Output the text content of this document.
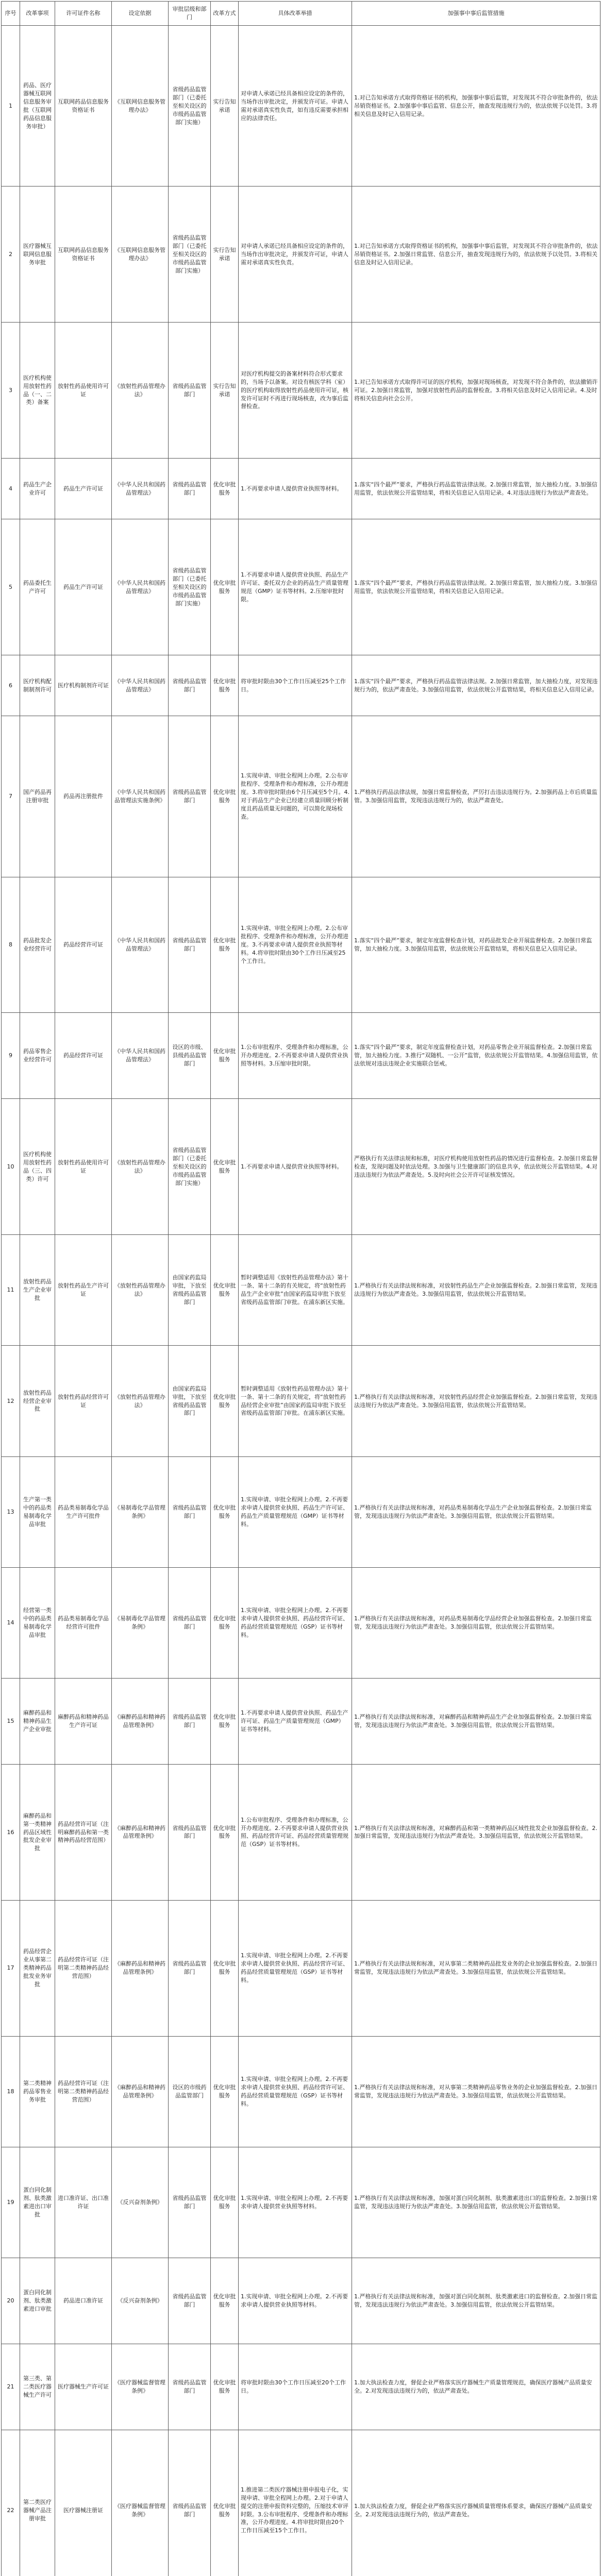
序号	改革事项	许可证件名称	设定依据	审批层级和部门	改革方式	具体改革举措	加强事中事后监管措施
1	药品、医疗器械互联网信息服务审批（互联网药品信息服务审批）	互联网药品信息服务资格证书	《互联网信息服务管理办法》	省级药品监管部门（已委托至相关设区的市级药品监管部门实施）	实行告知承诺	对申请人承诺已经具备相应设定的条件的，当场作出审批决定，并颁发许可证。申请人需对承诺真实性负责，如有违反需要承担相应的法律责任。	1.对已告知承诺方式取得资格证书的机构，加强事中事后监管，对发现其不符合审批条件的，依法吊销资格证书。2.加强事中事后监管、信息公开，抽查发现违规行为的，依法依规予以处罚。3.将相关信息及时记入信用记录。
2	医疗器械互联网信息服务审批	互联网药品信息服务资格证书	《互联网信息服务管理办法》	省级药品监管部门（已委托至相关设区的市级药品监管部门实施）	实行告知承诺	对申请人承诺已经具备相应设定的条件的，当场作出审批决定，并颁发许可证，申请人需对承诺真实性负责。	1.对已告知承诺方式取得资格证书的机构，加强事中事后监管，对发现其不符合审批条件的，依法吊销资格证书。2.加强日常监管、信息公开，抽查发现违规行为的，依法依规予以处罚。3.将相关信息及时记入信用记录。
3	医疗机构使用放射性药品（一、二类）备案	放射性药品使用许可证	《放射性药品管理办法》	省级药品监管部门	实行告知承诺	对医疗机构提交的备案材料符合形式要求的，当场予以备案。对设有核医学科（室）的医疗机构取得放射性药品使用许可证，核发许可证时不再进行现场核查，改为事后监督检查。	1.对已告知承诺方式取得许可证的医疗机构，加强对现场核查，对发现不符合条件的，依法撤销许可证。2.加强日常监管，加强对放射性药品的监督检查。3.将相关信息及时记入信用记录。4.及时将相关信息向社会公开。
4	药品生产企业许可	药品生产许可证	《中华人民共和国药品管理法》	省级药品监管部门	优化审批服务	1.不再要求申请人提供营业执照等材料。	1.落实“四个最严”要求，严格执行药品监管法律法规。2.加强日常监管，加大抽检力度。3.加强信用监管，依法依规公开监管结果，将相关信息记入信用记录。4.对违法违规行为依法严肃查处。
5	药品委托生产许可	药品生产许可证	《中华人民共和国药品管理法》	省级药品监管部门（已委托至相关设区的市级药品监管部门实施）	优化审批服务	1.不再要求申请人提供营业执照、药品生产许可证、委托双方企业的药品生产质量管理规范（GMP）证书等材料。2.压缩审批时限。	1.落实“四个最严”要求，严格执行药品监管法律法规。2.加强日常监管，加大抽检力度。3.加强信用监管，依法依规公开监管结果，将相关信息记入信用记录。
6	医疗机构配制制剂许可	医疗机构制剂许可证	《中华人民共和国药品管理法》	省级药品监管部门	优化审批服务	将审批时限由30个工作日压减至25个工作日。	1.落实“四个最严”要求，严格执行药品监管法律法规。2.加强日常监管，加大抽检力度，对发现违规行为的，依法严肃查处。3.加强信用监管，依法依规公开监管结果，将相关信息记入信用记录。
7	国产药品再注册审批	药品再注册批件	《中华人民共和国药品管理法实施条例》	省级药品监管部门	优化审批服务	1.实现申请、审批全程网上办理。2.公布审批程序、受理条件和办理标准，公开办理进度。3.将审批时限由6个月压减至5个月。4.对于药品生产企业已经建立质量回顾分析制度且药品质量无问题的，可以简化现场检查。	1.严格执行药品法律法规，加强日常监督检查，严厉打击违法违规行为。2.加强药品上市后质量监管。3.加强信用监管，发现违法违规行为的，依法严肃查处。
8	药品批发企业经营许可	药品经营许可证	《中华人民共和国药品管理法》	省级药品监管部门	优化审批服务	1.实现申请、审批全程网上办理。2.公布审批程序、受理条件和办理标准，公开办理进度。3.不再要求申请人提供营业执照等材料。4.将审批时限由30个工作日压减至25个工作日。	1.落实“四个最严”要求，制定年度监督检查计划，对药品批发企业开展监督检查。2.加强日常监管，加大抽检力度。3.加强信用监管，依法依规公开监管结果，将相关信息记入信用记录。
9	药品零售企业经营许可	药品经营许可证	《中华人民共和国药品管理法》	设区的市级、县级药品监管部门	优化审批服务	1.公布审批程序、受理条件和办理标准，公开办理进度。2.不再要求申请人提供营业执照等材料。3.压缩审批时限。	1.落实“四个最严”要求，制定年度监督检查计划，对药品零售企业开展监督检查。2.加强日常监管，加大抽检力度。3.推行“双随机、一公开”监管，依法依规公开监管结果。4.加强信用监管，依法依规对违法违规企业实施联合惩戒。
10	医疗机构使用放射性药品（三、四类）许可	放射性药品使用许可证	《放射性药品管理办法》	省级药品监管部门（已委托至相关设区的市级药品监管部门实施）	优化审批服务	1.不再要求申请人提供营业执照等材料。	严格执行有关法律法规和标准，对医疗机构使用放射性药品的情况进行监督检查。2.加强日常监督检查，发现问题及时依法处理。3.加强与卫生健康部门的信息共享，依法依规公开监管结果。4.对违法违规行为依法严肃查处。5.及时向社会公开许可证核发情况。
11	放射性药品生产企业审批	放射性药品生产许可证	《放射性药品管理办法》	由国家药监局审批，下放至省级药品监管部门	优化审批服务	暂时调整适用《放射性药品管理办法》第十一条、第十二条的有关规定，将“放射性药品生产企业审批”由国家药监局审批下放至省级药品监管部门审批。在浦东新区实施。	1.严格执行有关法律法规和标准，对放射性药品生产企业加强监督检查。2.加强日常监管，发现违法违规行为依法严肃查处。3.加强信用监管，依法依规公开监管结果。
12	放射性药品经营企业审批	放射性药品经营许可证	《放射性药品管理办法》	由国家药监局审批，下放至省级药品监管部门	优化审批服务	暂时调整适用《放射性药品管理办法》第十一条、第十二条的有关规定，将“放射性药品经营企业审批”由国家药监局审批下放至省级药品监管部门审批。在浦东新区实施。	1.严格执行有关法律法规和标准，对放射性药品经营企业加强监督检查。2.加强日常监管，发现违法违规行为依法严肃查处。3.加强信用监管，依法依规公开监管结果。
13	生产第一类中的药品类易制毒化学品审批	药品类易制毒化学品生产许可批件	《易制毒化学品管理条例》	省级药品监管部门	优化审批服务	1.实现申请、审批全程网上办理。2.不再要求申请人提供营业执照、药品生产许可证、药品生产质量管理规范（GMP）证书等材料。	1.严格执行有关法律法规和标准，对药品类易制毒化学品生产企业加强监督检查。2.加强日常监管，发现违法违规行为依法严肃查处。3.加强信用监管，依法依规公开监管结果。
14	经营第一类中的药品类易制毒化学品审批	药品类易制毒化学品经营许可批件	《易制毒化学品管理条例》	省级药品监管部门	优化审批服务	1.实现申请、审批全程网上办理。2.不再要求申请人提供营业执照、药品经营许可证、药品经营质量管理规范（GSP）证书等材料。	1.严格执行有关法律法规和标准，对药品类易制毒化学品经营企业加强监督检查。2.加强日常监管，发现违法违规行为依法严肃查处。3.加强信用监管，依法依规公开监管结果。
15	麻醉药品和精神药品生产企业审批	麻醉药品和精神药品生产许可证	《麻醉药品和精神药品管理条例》	省级药品监管部门	优化审批服务	1.不再要求申请人提供营业执照、药品生产许可证、药品生产质量管理规范（GMP）证书等材料。	1.严格执行有关法律法规和标准，对麻醉药品和精神药品生产企业加强监督检查。2.加强日常监管，发现违法违规行为依法严肃查处。3.加强信用监管，依法依规公开监管结果。
16	麻醉药品和第一类精神药品区域性批发企业审批	药品经营许可证（注明麻醉药品和第一类精神药品经营范围）	《麻醉药品和精神药品管理条例》	省级药品监管部门	优化审批服务	1.公布审批程序、受理条件和办理标准，公开办理进度。2.不再要求申请人提供营业执照、药品经营许可证、药品经营质量管理规范（GSP）证书等材料。	1.严格执行有关法律法规和标准，对麻醉药品和第一类精神药品区域性批发企业加强监督检查。2.加强日常监管，发现违法违规行为依法严肃查处。3.加强信用监管，依法依规公开监管结果。
17	药品经营企业从事第二类精神药品批发业务审批	药品经营许可证（注明第二类精神药品经营范围）	《麻醉药品和精神药品管理条例》	省级药品监管部门	优化审批服务	1.实现申请、审批全程网上办理。2.不再要求申请人提供营业执照、药品经营许可证、药品经营质量管理规范（GSP）证书等材料。	1.严格执行有关法律法规和标准，对从事第二类精神药品批发业务的企业加强监督检查。2.加强日常监管，发现违法违规行为依法严肃查处。3.加强信用监管，依法依规公开监管结果。
18	第二类精神药品零售业务审批	药品经营许可证（注明第二类精神药品经营范围）	《麻醉药品和精神药品管理条例》	设区的市级药品监管部门	优化审批服务	1.实现申请、审批全程网上办理。2.不再要求申请人提供营业执照、药品经营许可证、药品经营质量管理规范（GSP）证书等材料。	1.严格执行有关法律法规和标准，对从事第二类精神药品零售业务的企业加强监督检查。2.加强日常监管，发现违法违规行为依法严肃查处。3.加强信用监管，依法依规公开监管结果。
19	蛋白同化制剂、肽类激素进出口审批	进口准许证、出口准许证	《反兴奋剂条例》	省级药品监管部门	优化审批服务	1.实现申请、审批全程网上办理。2.不再要求申请人提供营业执照等材料。	1.严格执行有关法律法规和标准，加强对蛋白同化制剂、肽类激素进出口的监督检查。2.加强日常监管，发现违法违规行为依法严肃查处。3.加强信用监管，依法依规公开监管结果。
20	蛋白同化制剂、肽类激素进口审批	药品进口准许证	《反兴奋剂条例》	省级药品监管部门	优化审批服务	1.实现申请、审批全程网上办理。2.不再要求申请人提供营业执照等材料。	1.严格执行有关法律法规和标准，加强对蛋白同化制剂、肽类激素进口的监督检查。2.加强日常监管，发现违法违规行为依法严肃查处。3.加强信用监管，依法依规公开监管结果。
21	第三类、第二类医疗器械生产许可	医疗器械生产许可证	《医疗器械监督管理条例》	省级药品监管部门	优化审批服务	将审批时限由30个工作日压减至20个工作日。	1.加大执法检查力度，督促企业严格落实医疗器械生产质量管理规范，确保医疗器械产品质量安全。2.对发现违法违规行为的，依法严肃查处。
22	第二类医疗器械产品注册审批	医疗器械注册证	《医疗器械监督管理条例》	省级药品监管部门	优化审批服务	1.推进第二类医疗器械注册申报电子化，实现申请、审批全程网上办理。2.对于申请人提交的注册申报资料完整的，压缩技术审评时限。3.公布审批程序、受理条件和办理标准，公开办理进度。4.将审批时限由20个工作日压减至15个工作日。	1.加大执法检查力度，督促企业严格落实医疗器械质量管理体系要求，确保医疗器械产品质量安全。2.对发现违法违规行为的，依法严肃查处。
